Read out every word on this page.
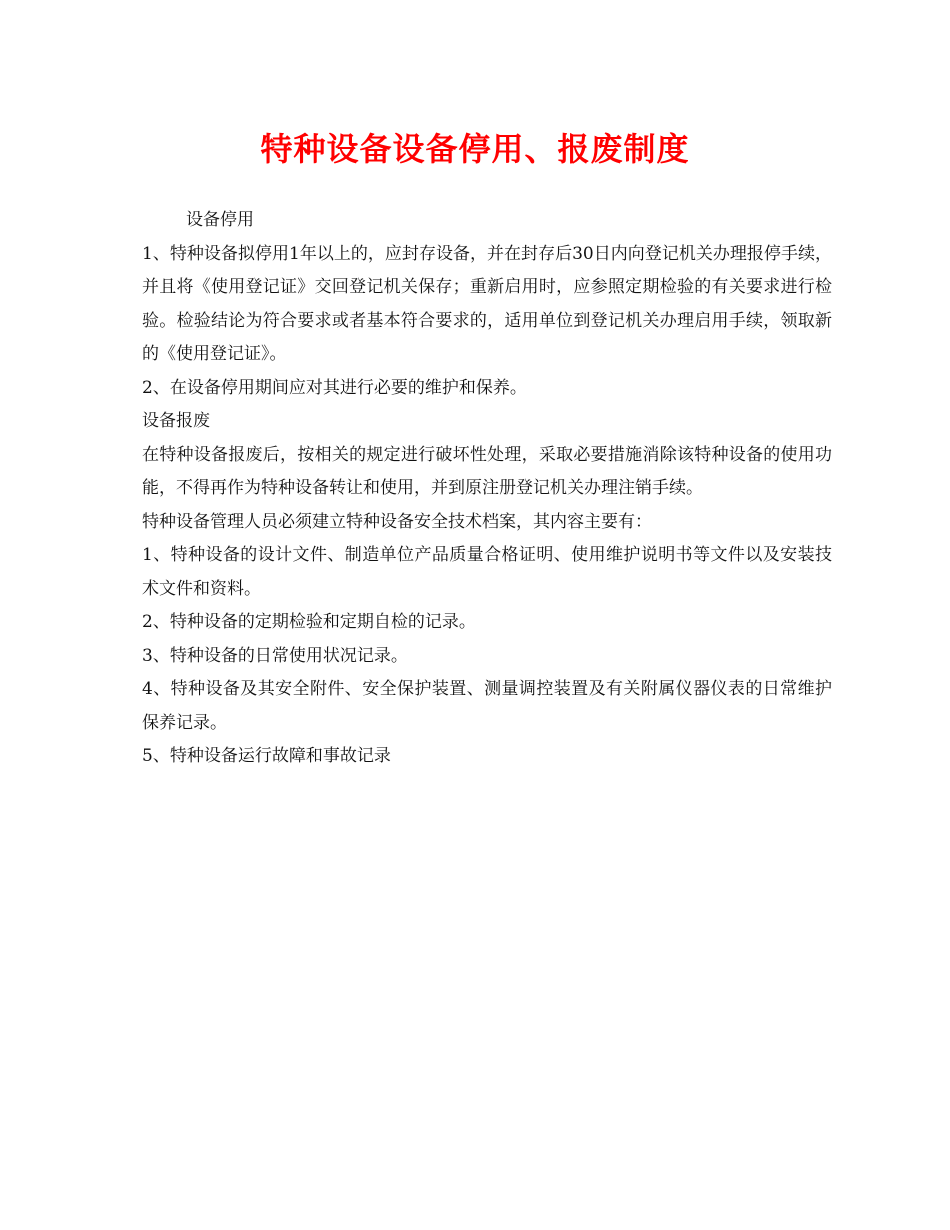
特种设备设备停用、报废制度

设备停用

1、特种设备拟停用1年以上的，应封存设备，并在封存后30日内向登记机关办理报停手续，并且将《使用登记证》交回登记机关保存；重新启用时，应参照定期检验的有关要求进行检验。检验结论为符合要求或者基本符合要求的，适用单位到登记机关办理启用手续，领取新的《使用登记证》。

2、在设备停用期间应对其进行必要的维护和保养。

设备报废

在特种设备报废后，按相关的规定进行破坏性处理，采取必要措施消除该特种设备的使用功能，不得再作为特种设备转让和使用，并到原注册登记机关办理注销手续。

特种设备管理人员必须建立特种设备安全技术档案，其内容主要有：

1、特种设备的设计文件、制造单位产品质量合格证明、使用维护说明书等文件以及安装技术文件和资料。

2、特种设备的定期检验和定期自检的记录。

3、特种设备的日常使用状况记录。

4、特种设备及其安全附件、安全保护装置、测量调控装置及有关附属仪器仪表的日常维护保养记录。

5、特种设备运行故障和事故记录
